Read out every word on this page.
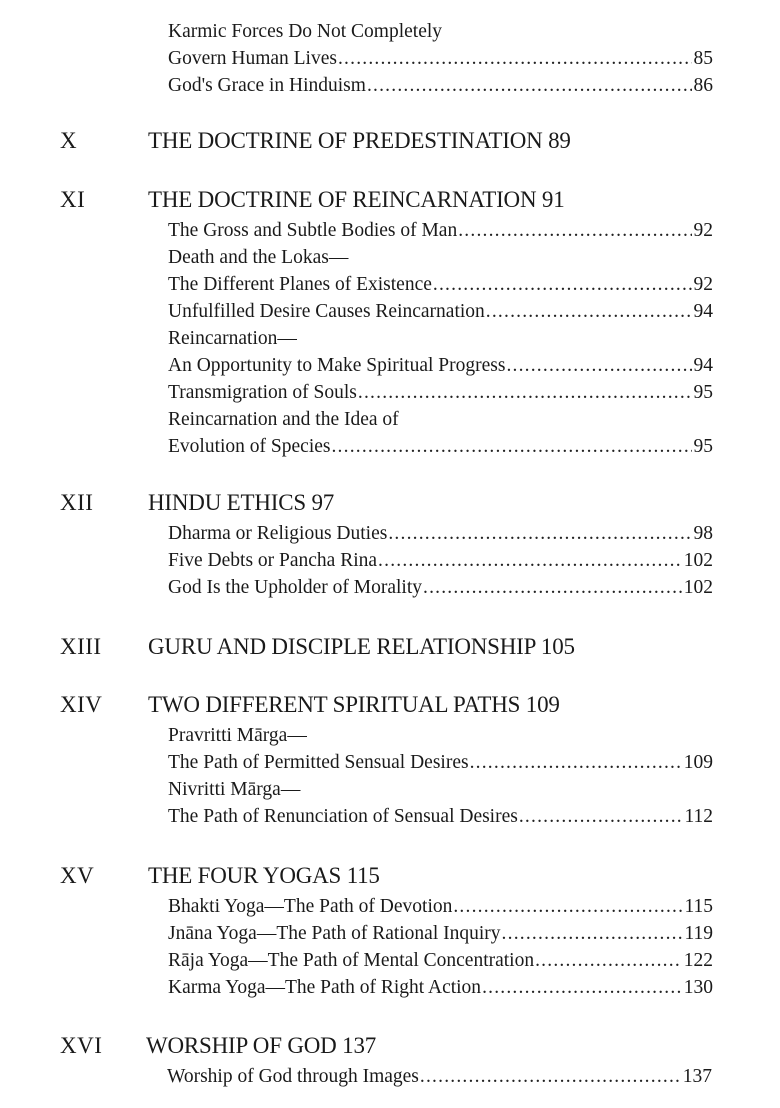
Karmic Forces Do Not Completely
Govern Human Lives .....	85
God's Grace in Hinduism .....	86
X	THE DOCTRINE OF PREDESTINATION 89
XI	THE DOCTRINE OF REINCARNATION 91
The Gross and Subtle Bodies of Man .....	92
Death and the Lokas—
The Different Planes of Existence .....	92
Unfulfilled Desire Causes Reincarnation .....	94
Reincarnation—
An Opportunity to Make Spiritual Progress .....	94
Transmigration of Souls .....	95
Reincarnation and the Idea of
Evolution of Species .....	95
XII HINDU ETHICS 97
Dharma or Religious Duties .....	98
Five Debts or Pancha Rina .....	102
God Is the Upholder of Morality .....	102
XIII GURU AND DISCIPLE RELATIONSHIP 105
XIV TWO DIFFERENT SPIRITUAL PATHS 109
Pravritti Mārga—
The Path of Permitted Sensual Desires .....	109
Nivritti Mārga—
The Path of Renunciation of Sensual Desires .....	112
XV THE FOUR YOGAS 115
Bhakti Yoga—The Path of Devotion .....	115
Jnāna Yoga—The Path of Rational Inquiry .....	119
Rāja Yoga—The Path of Mental Concentration .....	122
Karma Yoga—The Path of Right Action .....	130
XVI WORSHIP OF GOD 137
Worship of God through Images .....	137
